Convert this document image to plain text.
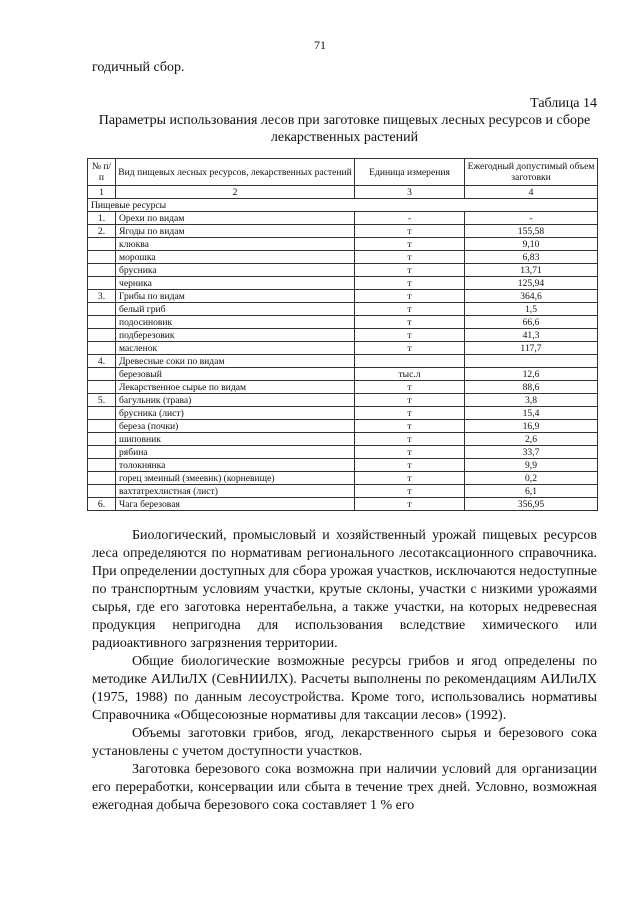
71
годичный сбор.
Таблица 14
Параметры использования лесов при заготовке пищевых лесных ресурсов и сборе лекарственных растений
№ п/п	Вид пищевых лесных ресурсов, лекарственных растений	Единица измерения	Ежегодный допустимый объем заготовки
1	2	3	4
Пищевые ресурсы			
1.	Орехи по видам	-	-
2.	Ягоды по видам	т	155,58
	клюква	т	9,10
	морошка	т	6,83
	брусника	т	13,71
	черника	т	125,94
3.	Грибы по видам	т	364,6
	белый гриб	т	1,5
	подосиновик	т	66,6
	подберезовик	т	41,3
	масленок	т	117,7
4.	Древесные соки по видам		
	березовый	тыс.л	12,6
	Лекарственное сырье по видам	т	88,6
5.	багульник (трава)	т	3,8
	брусника (лист)	т	15,4
	береза (почки)	т	16,9
	шиповник	т	2,6
	рябина	т	33,7
	толокнянка	т	9,9
	горец змеиный (змеевик) (корневище)	т	0,2
	вахтатрехлистная (лист)	т	6,1
6.	Чага березовая	т	356,95

Биологический, промысловый и хозяйственный урожай пищевых ресурсов леса определяются по нормативам регионального лесотаксационного справочника. При определении доступных для сбора урожая участков, исключаются недоступные по транспортным условиям участки, крутые склоны, участки с низкими урожаями сырья, где его заготовка нерентабельна, а также участки, на которых недревесная продукция непригодна для использования вследствие химического или радиоактивного загрязнения территории.

Общие биологические возможные ресурсы грибов и ягод определены по методике АИЛиЛХ (СевНИИЛХ). Расчеты выполнены по рекомендациям АИЛиЛХ (1975, 1988) по данным лесоустройства. Кроме того, использовались нормативы Справочника «Общесоюзные нормативы для таксации лесов» (1992).

Объемы заготовки грибов, ягод, лекарственного сырья и березового сока установлены с учетом доступности участков.

Заготовка березового сока возможна при наличии условий для организации его переработки, консервации или сбыта в течение трех дней. Условно, возможная ежегодная добыча березового сока составляет 1 % его
